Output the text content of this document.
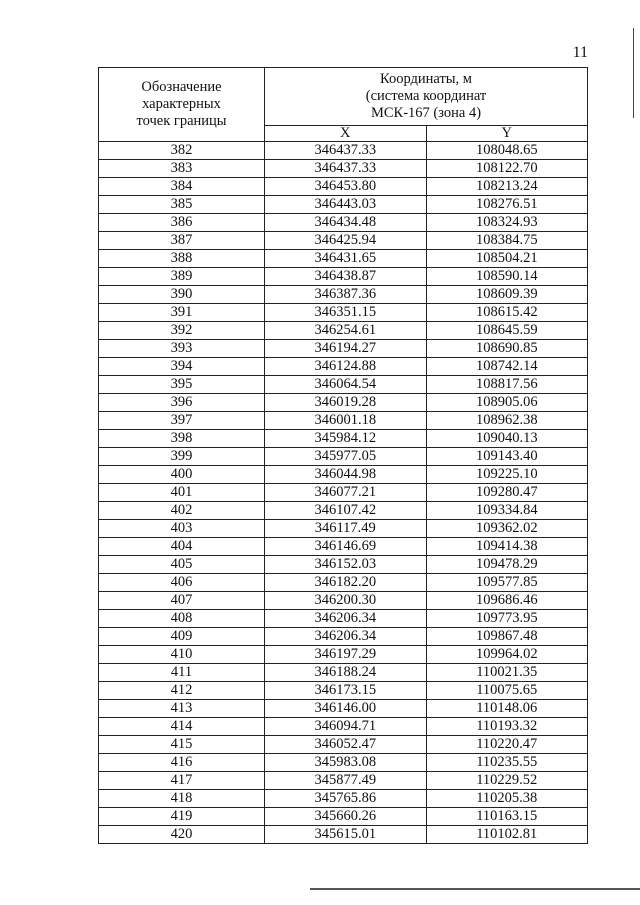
11
Обозначение
характерных
точек границы	Координаты, м
(система координат
МСК-167 (зона 4)	

	X	Y
382	346437.33	108048.65
383	346437.33	108122.70
384	346453.80	108213.24
385	346443.03	108276.51
386	346434.48	108324.93
387	346425.94	108384.75
388	346431.65	108504.21
389	346438.87	108590.14
390	346387.36	108609.39
391	346351.15	108615.42
392	346254.61	108645.59
393	346194.27	108690.85
394	346124.88	108742.14
395	346064.54	108817.56
396	346019.28	108905.06
397	346001.18	108962.38
398	345984.12	109040.13
399	345977.05	109143.40
400	346044.98	109225.10
401	346077.21	109280.47
402	346107.42	109334.84
403	346117.49	109362.02
404	346146.69	109414.38
405	346152.03	109478.29
406	346182.20	109577.85
407	346200.30	109686.46
408	346206.34	109773.95
409	346206.34	109867.48
410	346197.29	109964.02
411	346188.24	110021.35
412	346173.15	110075.65
413	346146.00	110148.06
414	346094.71	110193.32
415	346052.47	110220.47
416	345983.08	110235.55
417	345877.49	110229.52
418	345765.86	110205.38
419	345660.26	110163.15
420	345615.01	110102.81
